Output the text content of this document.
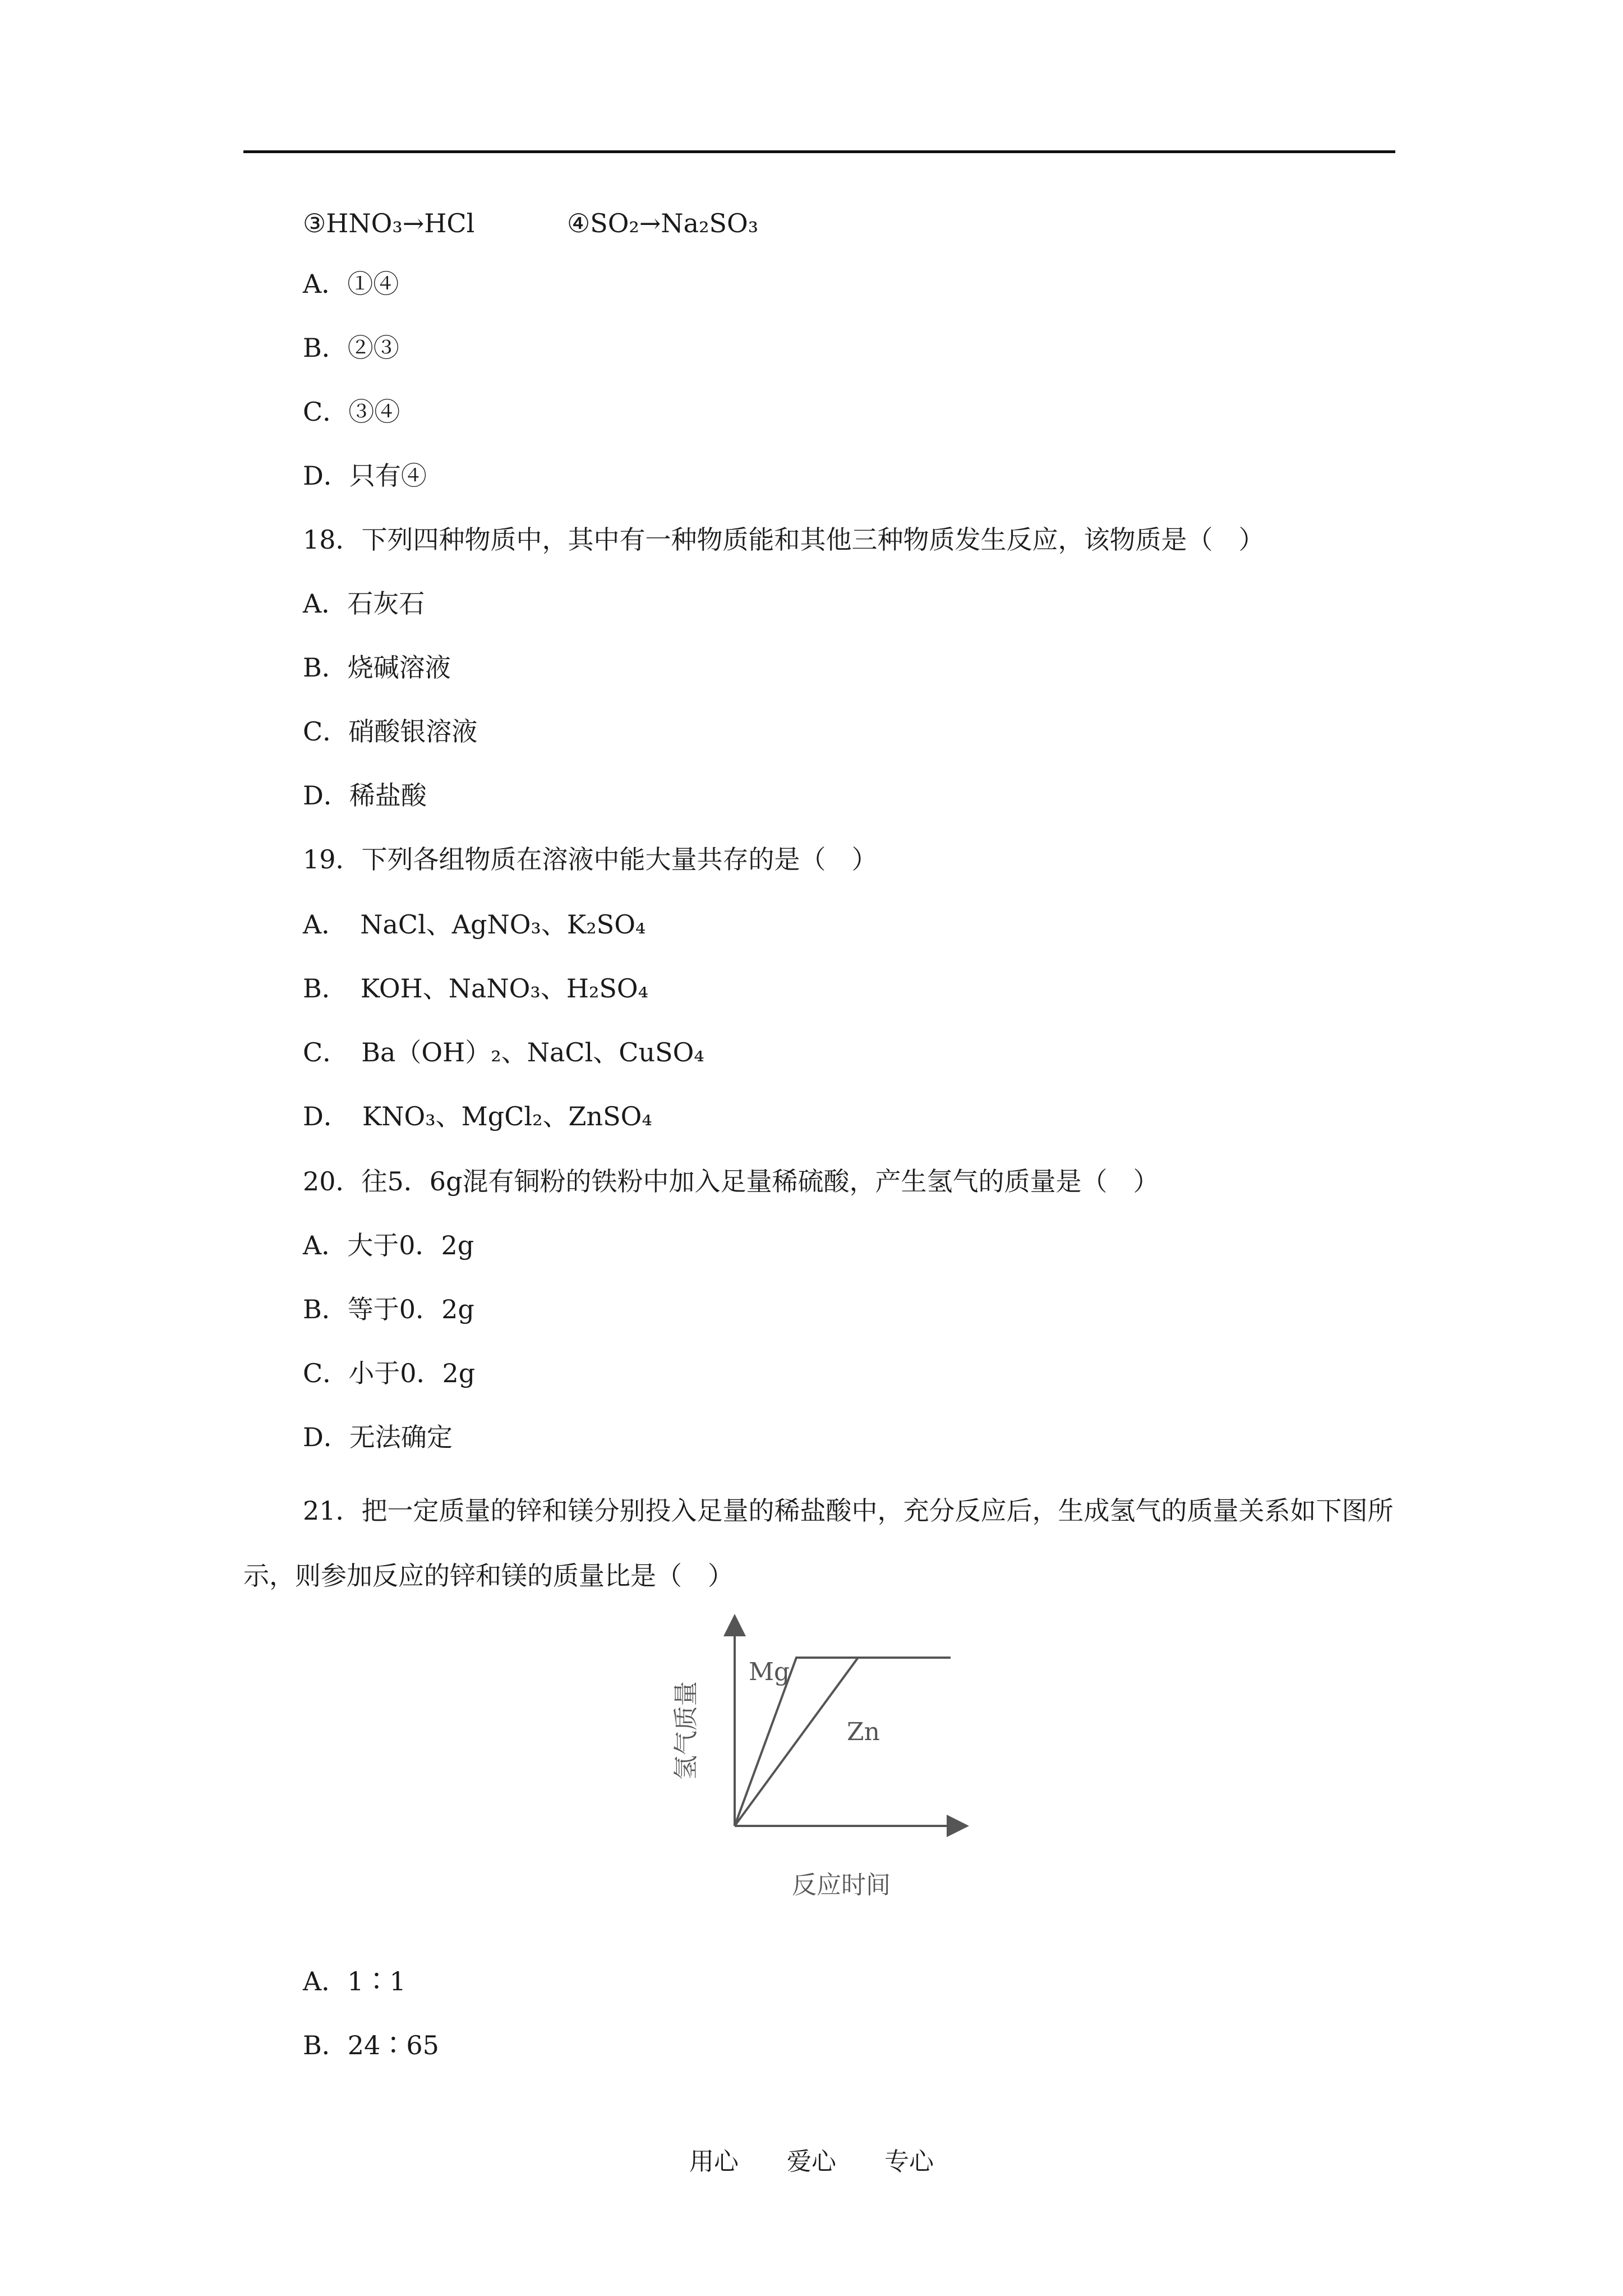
③HNO₃→HCl	④SO₂→Na₂SO₃
A．①④
B．②③
C．③④
D．只有④
18．下列四种物质中，其中有一种物质能和其他三种物质发生反应，该物质是（　）
A．石灰石
B．烧碱溶液
C．硝酸银溶液
D．稀盐酸
19．下列各组物质在溶液中能大量共存的是（　）
A．　NaCl、AgNO₃、K₂SO₄
B．　KOH、NaNO₃、H₂SO₄
C．　Ba（OH）₂、NaCl、CuSO₄
D．　KNO₃、MgCl₂、ZnSO₄
20．往5．6g混有铜粉的铁粉中加入足量稀硫酸，产生氢气的质量是（　）
A．大于0．2g
B．等于0．2g
C．小于0．2g
D．无法确定
21．把一定质量的锌和镁分别投入足量的稀盐酸中，充分反应后，生成氢气的质量关系如下图所示，则参加反应的锌和镁的质量比是（　）
氢气质量
反应时间
Mg
Zn
A．1∶1
B．24∶65
用心 爱心 专心
